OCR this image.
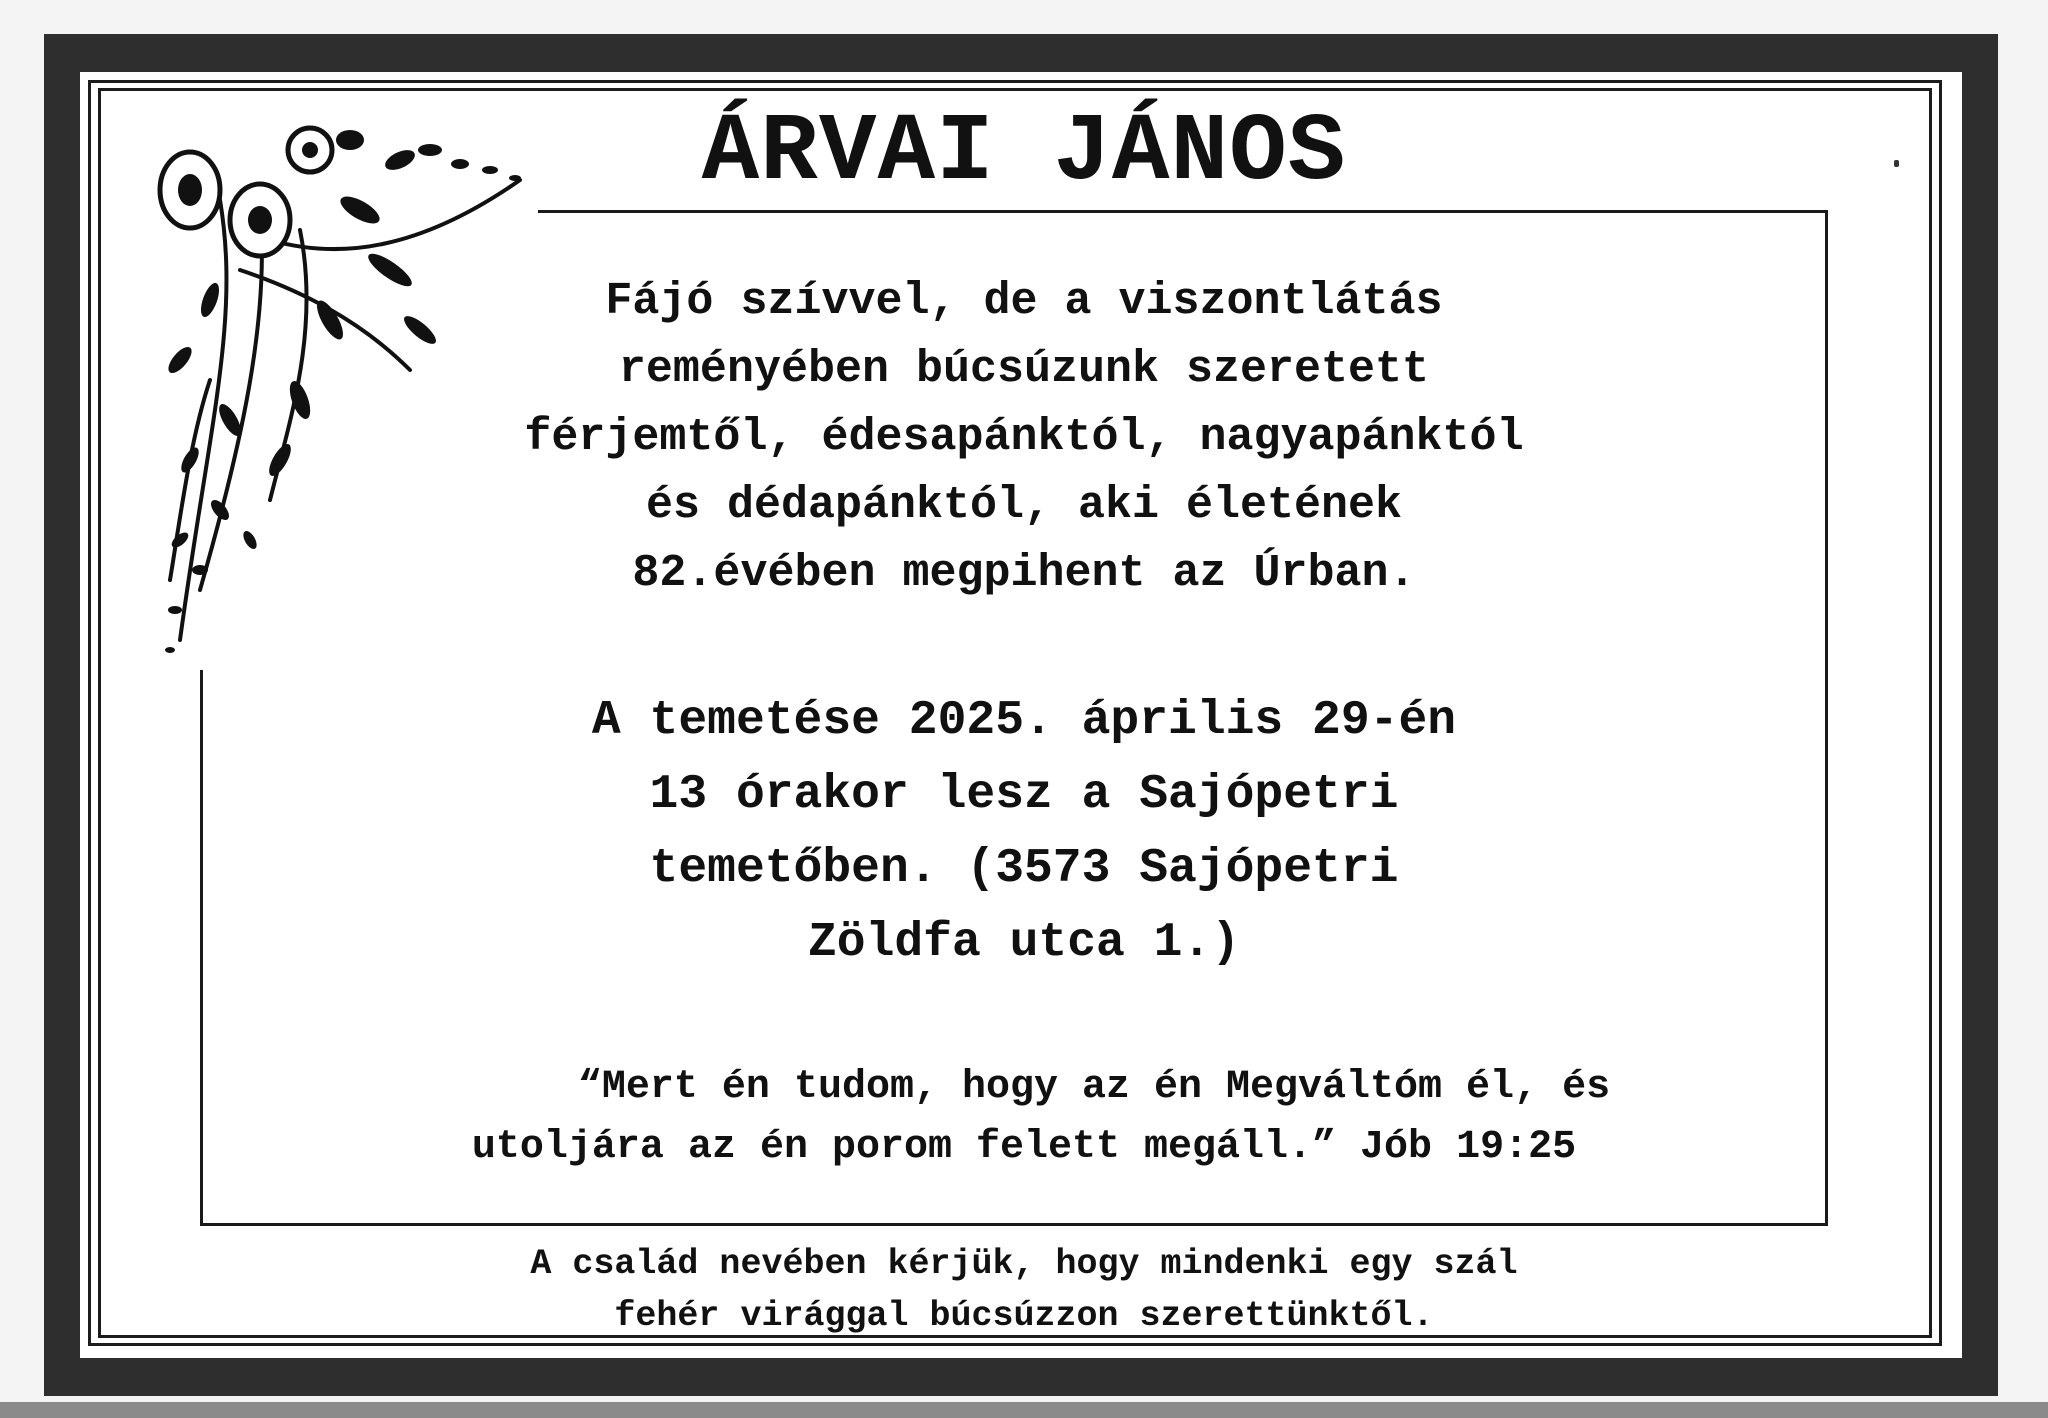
ÁRVAI JÁNOS
Fájó szívvel, de a viszontlátás
reményében búcsúzunk szeretett
férjemtől, édesapánktól, nagyapánktól
és dédapánktól, aki életének
82.évében megpihent az Úrban.
A temetése 2025. április 29-én
13 órakor lesz a Sajópetri
temetőben. (3573 Sajópetri
Zöldfa utca 1.)
“Mert én tudom, hogy az én Megváltóm él, és
utoljára az én porom felett megáll.” Jób 19:25
A család nevében kérjük, hogy mindenki egy szál
fehér virággal búcsúzzon szerettünktől.
